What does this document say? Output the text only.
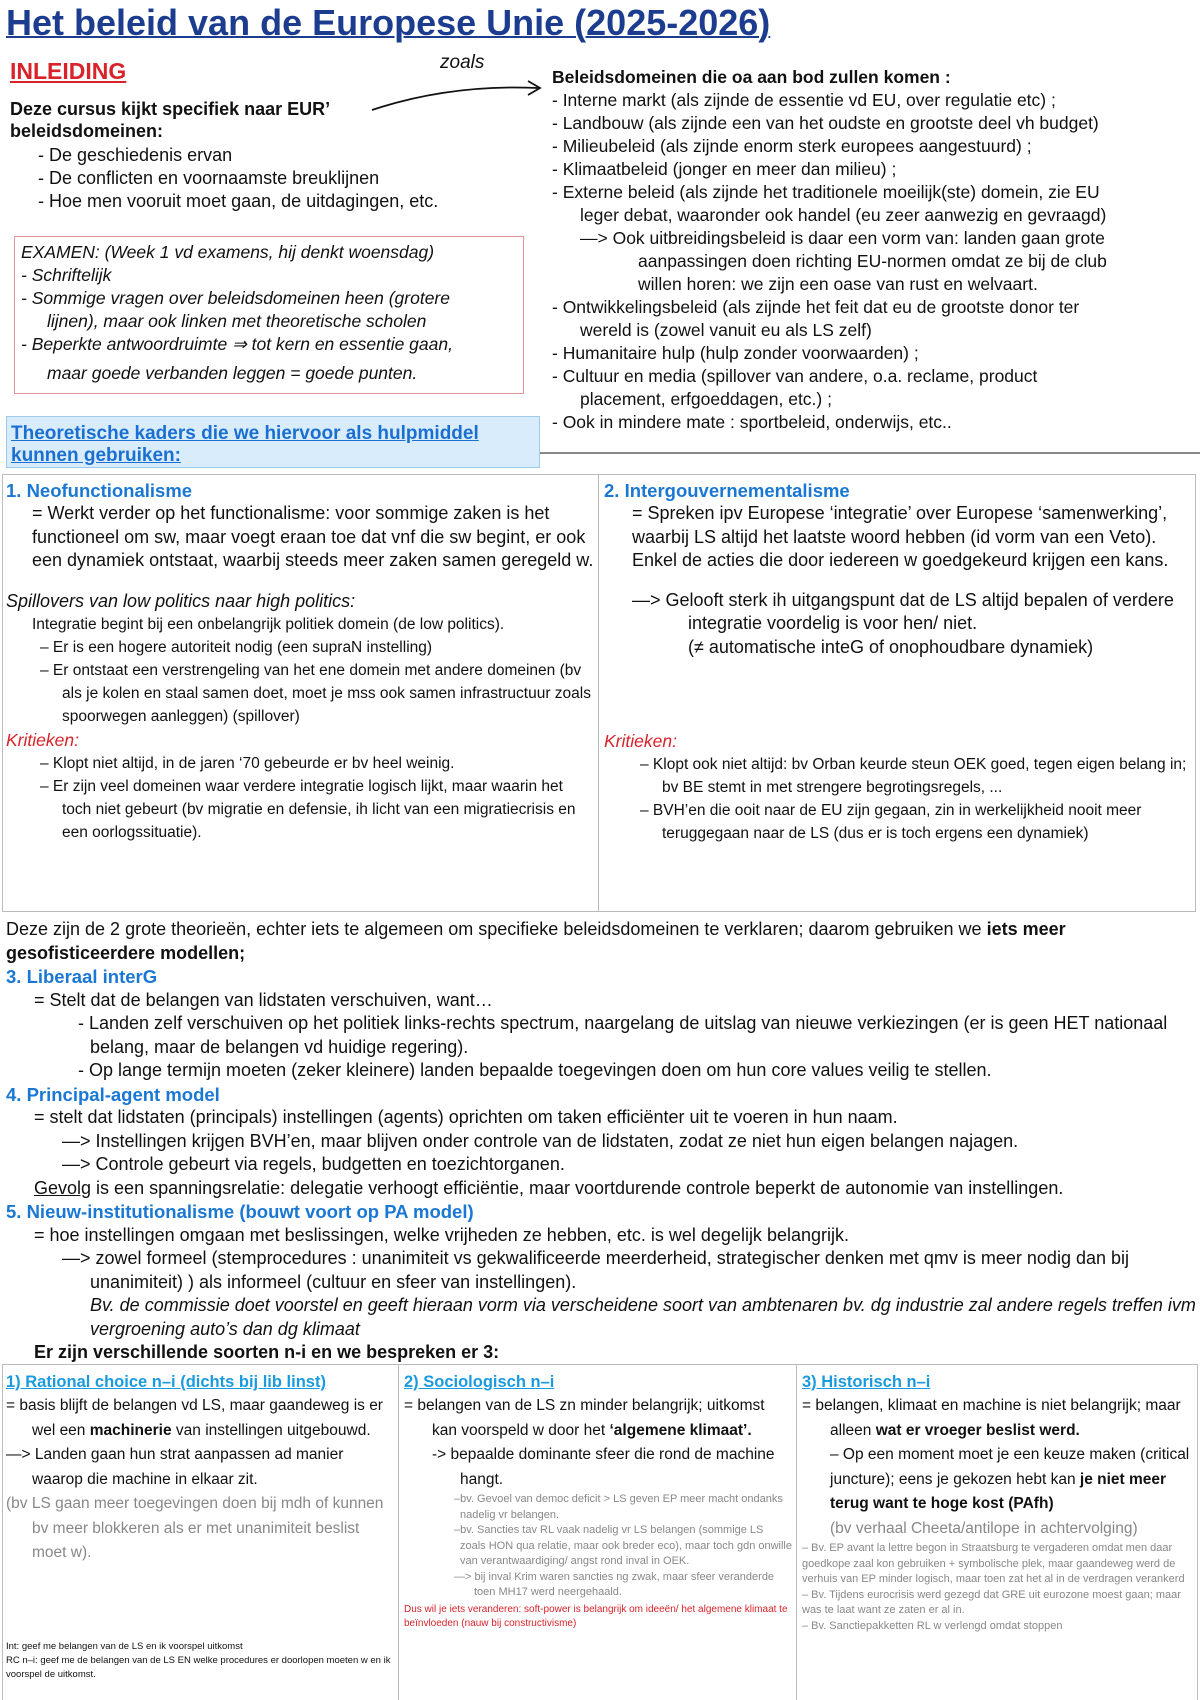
Het beleid van de Europese Unie (2025-2026)
INLEIDING	zoals
Deze cursus kijkt specifiek naar EUR’ beleidsdomeinen:
- De geschiedenis ervan
- De conflicten en voornaamste breuklijnen
- Hoe men vooruit moet gaan, de uitdagingen, etc.
EXAMEN: (Week 1 vd examens, hij denkt woensdag)
- Schriftelijk
- Sommige vragen over beleidsdomeinen heen (grotere
lijnen), maar ook linken met theoretische scholen
- Beperkte antwoordruimte ⇒ tot kern en essentie gaan,
maar goede verbanden leggen = goede punten.
Beleidsdomeinen die oa aan bod zullen komen :
- Interne markt (als zijnde de essentie vd EU, over regulatie etc) ;
- Landbouw (als zijnde een van het oudste en grootste deel vh budget)
- Milieubeleid (als zijnde enorm sterk europees aangestuurd) ;
- Klimaatbeleid (jonger en meer dan milieu) ;
- Externe beleid (als zijnde het traditionele moeilijk(ste) domein, zie EU
leger debat, waaronder ook handel (eu zeer aanwezig en gevraagd)
—> Ook uitbreidingsbeleid is daar een vorm van: landen gaan grote
aanpassingen doen richting EU-normen omdat ze bij de club
willen horen: we zijn een oase van rust en welvaart.
- Ontwikkelingsbeleid (als zijnde het feit dat eu de grootste donor ter
wereld is (zowel vanuit eu als LS zelf)
- Humanitaire hulp (hulp zonder voorwaarden) ;
- Cultuur en media (spillover van andere, o.a. reclame, product
placement, erfgoeddagen, etc.) ;
- Ook in mindere mate : sportbeleid, onderwijs, etc..
Theoretische kaders die we hiervoor als hulpmiddel kunnen gebruiken:
1. Neofunctionalisme
= Werkt verder op het functionalisme: voor sommige zaken is het functioneel om sw, maar voegt eraan toe dat vnf die sw begint, er ook een dynamiek ontstaat, waarbij steeds meer zaken samen geregeld w.
Spillovers van low politics naar high politics:
Integratie begint bij een onbelangrijk politiek domein (de low politics).
– Er is een hogere autoriteit nodig (een supraN instelling)
– Er ontstaat een verstrengeling van het ene domein met andere domeinen (bv als je kolen en staal samen doet, moet je mss ook samen infrastructuur zoals spoorwegen aanleggen) (spillover)
Kritieken:
– Klopt niet altijd, in de jaren ‘70 gebeurde er bv heel weinig.
– Er zijn veel domeinen waar verdere integratie logisch lijkt, maar waarin het toch niet gebeurt (bv migratie en defensie, ih licht van een migratiecrisis en een oorlogssituatie).
2. Intergouvernementalisme
= Spreken ipv Europese ‘integratie’ over Europese ‘samenwerking’, waarbij LS altijd het laatste woord hebben (id vorm van een Veto). Enkel de acties die door iedereen w goedgekeurd krijgen een kans.
—> Gelooft sterk ih uitgangspunt dat de LS altijd bepalen of verdere integratie voordelig is voor hen/ niet.
(≠ automatische inteG of onophoudbare dynamiek)
Kritieken:
– Klopt ook niet altijd: bv Orban keurde steun OEK goed, tegen eigen belang in; bv BE stemt in met strengere begrotingsregels, ...
– BVH’en die ooit naar de EU zijn gegaan, zin in werkelijkheid nooit meer teruggegaan naar de LS (dus er is toch ergens een dynamiek)

Deze zijn de 2 grote theorieën, echter iets te algemeen om specifieke beleidsdomeinen te verklaren; daarom gebruiken we iets meer gesofisticeerdere modellen;

3. Liberaal interG
= Stelt dat de belangen van lidstaten verschuiven, want…
- Landen zelf verschuiven op het politiek links-rechts spectrum, naargelang de uitslag van nieuwe verkiezingen (er is geen HET nationaal belang, maar de belangen vd huidige regering).
- Op lange termijn moeten (zeker kleinere) landen bepaalde toegevingen doen om hun core values veilig te stellen.
4. Principal-agent model
= stelt dat lidstaten (principals) instellingen (agents) oprichten om taken efficiënter uit te voeren in hun naam.
—> Instellingen krijgen BVH’en, maar blijven onder controle van de lidstaten, zodat ze niet hun eigen belangen najagen.
—> Controle gebeurt via regels, budgetten en toezichtorganen.

Gevolg is een spanningsrelatie: delegatie verhoogt efficiëntie, maar voortdurende controle beperkt de autonomie van instellingen.

5. Nieuw-institutionalisme (bouwt voort op PA model)
= hoe instellingen omgaan met beslissingen, welke vrijheden ze hebben, etc. is wel degelijk belangrijk.
—> zowel formeel (stemprocedures : unanimiteit vs gekwalificeerde meerderheid, strategischer denken met qmv is meer nodig dan bij unanimiteit) ) als informeel (cultuur en sfeer van instellingen).
Bv. de commissie doet voorstel en geeft hieraan vorm via verscheidene soort van ambtenaren bv. dg industrie zal andere regels treffen ivm vergroening auto’s dan dg klimaat
Er zijn verschillende soorten n-i en we bespreken er 3:
1) Rational choice n–i (dichts bij lib linst)

= basis blijft de belangen vd LS, maar gaandeweg is er wel een machinerie van instellingen uitgebouwd.

—> Landen gaan hun strat aanpassen ad manier waarop die machine in elkaar zit.
(bv LS gaan meer toegevingen doen bij mdh of kunnen bv meer blokkeren als er met unanimiteit beslist moet w).
Int: geef me belangen van de LS en ik voorspel uitkomst
RC n–i: geef me de belangen van de LS EN welke procedures er doorlopen moeten w en ik voorspel de uitkomst.
2) Sociologisch n–i

= belangen van de LS zn minder belangrijk; uitkomst kan voorspeld w door het ‘algemene klimaat’.

-> bepaalde dominante sfeer die rond de machine hangt.
–bv. Gevoel van democ deficit > LS geven EP meer macht ondanks nadelig vr belangen.
–bv. Sancties tav RL vaak nadelig vr LS belangen (sommige LS zoals HON qua relatie, maar ook breder eco), maar toch gdn onwille van verantwaardiging/ angst rond inval in OEK.
—> bij inval Krim waren sancties ng zwak, maar sfeer veranderde toen MH17 werd neergehaald.
Dus wil je iets veranderen: soft-power is belangrijk om ideeën/ het algemene klimaat te beïnvloeden (nauw bij constructivisme)
3) Historisch n–i

= belangen, klimaat en machine is niet belangrijk; maar alleen wat er vroeger beslist werd.

– Op een moment moet je een keuze maken (critical juncture); eens je gekozen hebt kan je niet meer terug want te hoge kost (PAfh)

(bv verhaal Cheeta/antilope in achtervolging)
– Bv. EP avant la lettre begon in Straatsburg te vergaderen omdat men daar goedkope zaal kon gebruiken + symbolische plek, maar gaandeweg werd de verhuis van EP minder logisch, maar toen zat het al in de verdragen verankerd
– Bv. Tijdens eurocrisis werd gezegd dat GRE uit eurozone moest gaan; maar was te laat want ze zaten er al in.
– Bv. Sanctiepakketten RL w verlengd omdat stoppen
